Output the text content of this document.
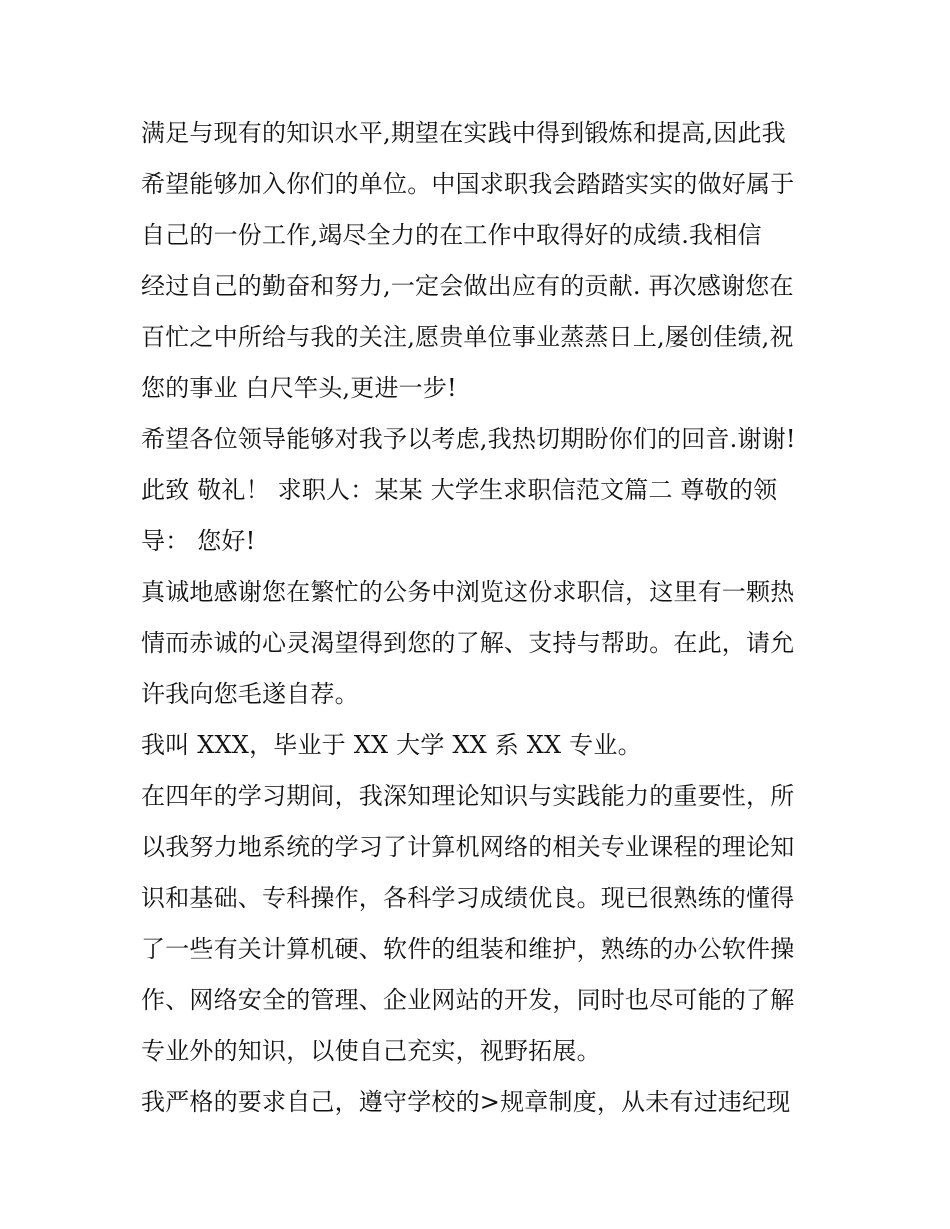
满足与现有的知识水平,期望在实践中得到锻炼和提高,因此我
希望能够加入你们的单位。中国求职我会踏踏实实的做好属于
自己的一份工作,竭尽全力的在工作中取得好的成绩.我相信
经过自己的勤奋和努力,一定会做出应有的贡献. 再次感谢您在
百忙之中所给与我的关注,愿贵单位事业蒸蒸日上,屡创佳绩,祝
您的事业 白尺竿头,更进一步!
希望各位领导能够对我予以考虑,我热切期盼你们的回音.谢谢!
此致 敬礼！ 求职人：某某 大学生求职信范文篇二 尊敬的领
导： 您好!
真诚地感谢您在繁忙的公务中浏览这份求职信，这里有一颗热
情而赤诚的心灵渴望得到您的了解、支持与帮助。在此，请允
许我向您毛遂自荐。
我叫 XXX，毕业于 XX 大学 XX 系 XX 专业。
在四年的学习期间，我深知理论知识与实践能力的重要性，所
以我努力地系统的学习了计算机网络的相关专业课程的理论知
识和基础、专科操作，各科学习成绩优良。现已很熟练的懂得
了一些有关计算机硬、软件的组装和维护，熟练的办公软件操
作、网络安全的管理、企业网站的开发，同时也尽可能的了解
专业外的知识，以使自己充实，视野拓展。
我严格的要求自己，遵守学校的>规章制度，从未有过违纪现
